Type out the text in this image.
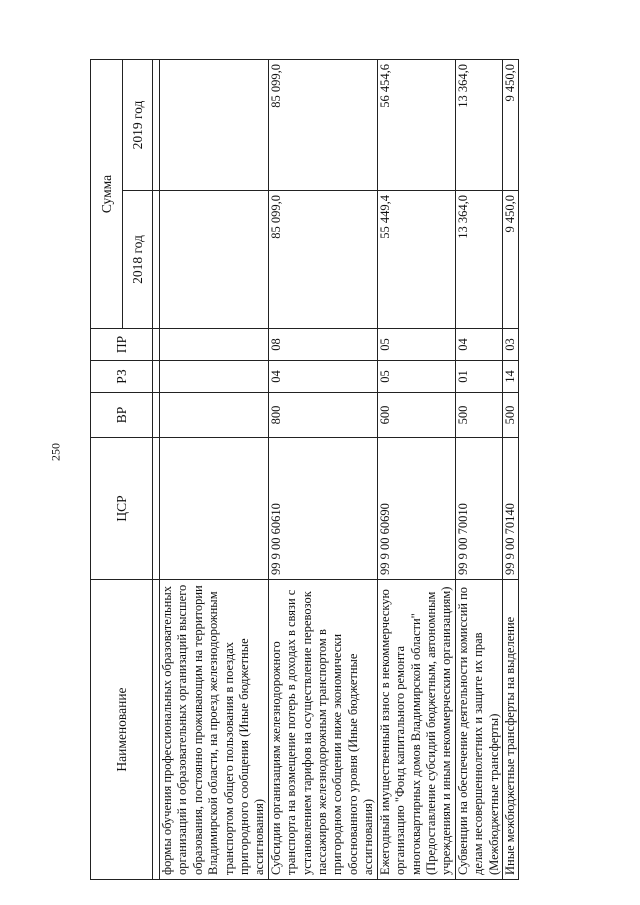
250
Наименование	ЦСР	ВР	РЗ	ПР	Сумма	
					2018 год	2019 год

формы обучения профессиональных образовательных организаций и образовательных организаций высшего образования, постоянно проживающим на территории Владимирской области, на проезд железнодорожным транспортом общего пользования в поездах пригородного сообщения (Иные бюджетные ассигнования)						
Субсидии организациям железнодорожного транспорта на возмещение потерь в доходах в связи с установлением тарифов на осуществление перевозок пассажиров железнодорожным транспортом в пригородном сообщении ниже экономически обоснованного уровня (Иные бюджетные ассигнования)	99 9 00 60610	800	04	08	85 099,0	85 099,0
Ежегодный имущественный взнос в некоммерческую организацию "Фонд капитального ремонта многоквартирных домов Владимирской области" (Предоставление субсидий бюджетным, автономным учреждениям и иным некоммерческим организациям)	99 9 00 60690	600	05	05	55 449,4	56 454,6
Субвенции на обеспечение деятельности комиссий по делам несовершеннолетних и защите их прав (Межбюджетные трансферты)	99 9 00 70010	500	01	04	13 364,0	13 364,0
Иные межбюджетные трансферты на выделение	99 9 00 70140	500	14	03	9 450,0	9 450,0
